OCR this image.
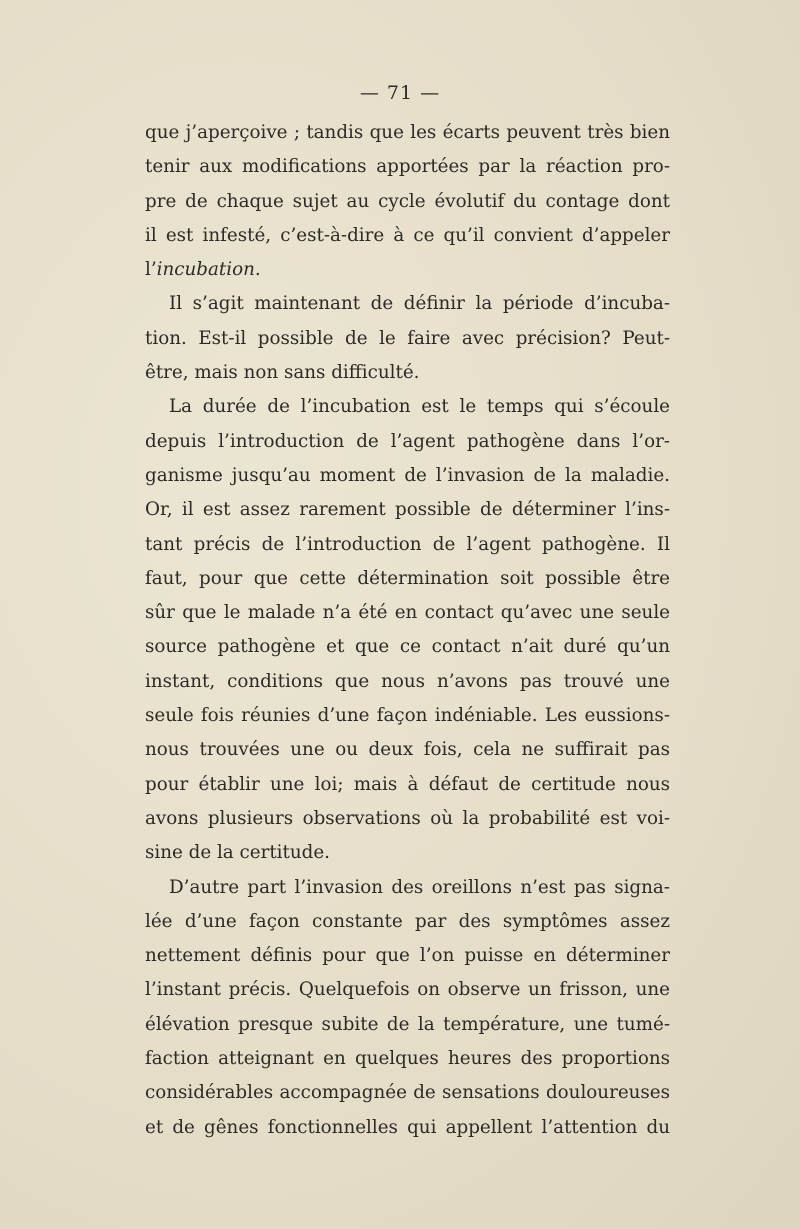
— 71 —
que j’aperçoive ; tandis que les écarts peuvent très bien
tenir aux modifications apportées par la réaction pro-
pre de chaque sujet au cycle évolutif du contage dont
il est infesté, c’est-à-dire à ce qu’il convient d’appeler
l’incubation.
Il s’agit maintenant de définir la période d’incuba-
tion. Est-il possible de le faire avec précision? Peut-
être, mais non sans difficulté.
La durée de l’incubation est le temps qui s’écoule
depuis l’introduction de l’agent pathogène dans l’or-
ganisme jusqu’au moment de l’invasion de la maladie.
Or, il est assez rarement possible de déterminer l’ins-
tant précis de l’introduction de l’agent pathogène. Il
faut, pour que cette détermination soit possible être
sûr que le malade n’a été en contact qu’avec une seule
source pathogène et que ce contact n’ait duré qu’un
instant, conditions que nous n’avons pas trouvé une
seule fois réunies d’une façon indéniable. Les eussions-
nous trouvées une ou deux fois, cela ne suffirait pas
pour établir une loi; mais à défaut de certitude nous
avons plusieurs observations où la probabilité est voi-
sine de la certitude.
D’autre part l’invasion des oreillons n’est pas signa-
lée d’une façon constante par des symptômes assez
nettement définis pour que l’on puisse en déterminer
l’instant précis. Quelquefois on observe un frisson, une
élévation presque subite de la température, une tumé-
faction atteignant en quelques heures des proportions
considérables accompagnée de sensations douloureuses
et de gênes fonctionnelles qui appellent l’attention du
